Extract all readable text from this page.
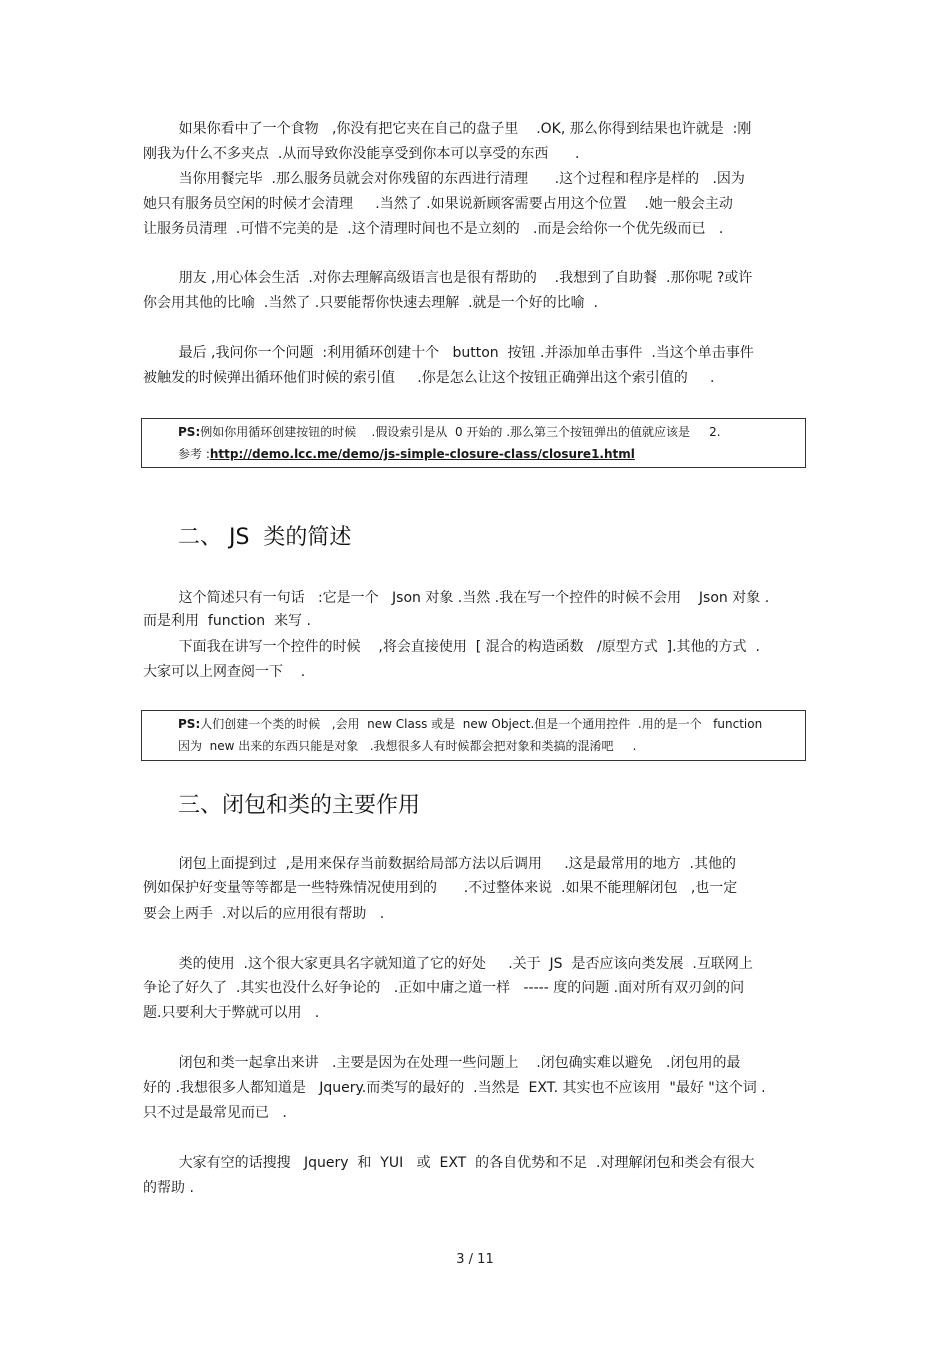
如果你看中了一个食物   ,你没有把它夹在自己的盘子里    .OK, 那么你得到结果也许就是  :刚
刚我为什么不多夹点  .从而导致你没能享受到你本可以享受的东西      .
当你用餐完毕  .那么服务员就会对你残留的东西进行清理      .这个过程和程序是样的   .因为
她只有服务员空闲的时候才会清理     .当然了 .如果说新顾客需要占用这个位置    .她一般会主动
让服务员清理  .可惜不完美的是  .这个清理时间也不是立刻的   .而是会给你一个优先级而已   .
朋友 ,用心体会生活  .对你去理解高级语言也是很有帮助的    .我想到了自助餐  .那你呢 ?或许
你会用其他的比喻  .当然了 .只要能帮你快速去理解  .就是一个好的比喻  .
最后 ,我问你一个问题  :利用循环创建十个   button  按钮 .并添加单击事件  .当这个单击事件
被触发的时候弹出循环他们时候的索引值     .你是怎么让这个按钮正确弹出这个索引值的     .
PS:例如你用循环创建按钮的时候    .假设索引是从  0 开始的 .那么第三个按钮弹出的值就应该是     2.
参考 :http://demo.lcc.me/demo/js-simple-closure-class/closure1.html
二、 JS  类的简述
这个简述只有一句话   :它是一个   Json 对象 .当然 .我在写一个控件的时候不会用    Json 对象 .
而是利用  function  来写 .
下面我在讲写一个控件的时候    ,将会直接使用  [ 混合的构造函数   /原型方式  ].其他的方式  .
大家可以上网查阅一下    .
PS:人们创建一个类的时候   ,会用  new Class 或是  new Object.但是一个通用控件  .用的是一个   function
因为  new 出来的东西只能是对象   .我想很多人有时候都会把对象和类搞的混淆吧     .
三、闭包和类的主要作用
闭包上面提到过  ,是用来保存当前数据给局部方法以后调用     .这是最常用的地方  .其他的
例如保护好变量等等都是一些特殊情况使用到的      .不过整体来说  .如果不能理解闭包   ,也一定
要会上两手  .对以后的应用很有帮助   .
类的使用  .这个很大家更具名字就知道了它的好处     .关于  JS  是否应该向类发展  .互联网上
争论了好久了  .其实也没什么好争论的   .正如中庸之道一样   ----- 度的问题 .面对所有双刃剑的问
题.只要利大于弊就可以用   .
闭包和类一起拿出来讲   .主要是因为在处理一些问题上    .闭包确实难以避免   .闭包用的最
好的 .我想很多人都知道是   Jquery.而类写的最好的  .当然是  EXT. 其实也不应该用  "最好 "这个词 .
只不过是最常见而已   .
大家有空的话搜搜   Jquery  和  YUI   或  EXT  的各自优势和不足  .对理解闭包和类会有很大
的帮助 .
3 / 11
